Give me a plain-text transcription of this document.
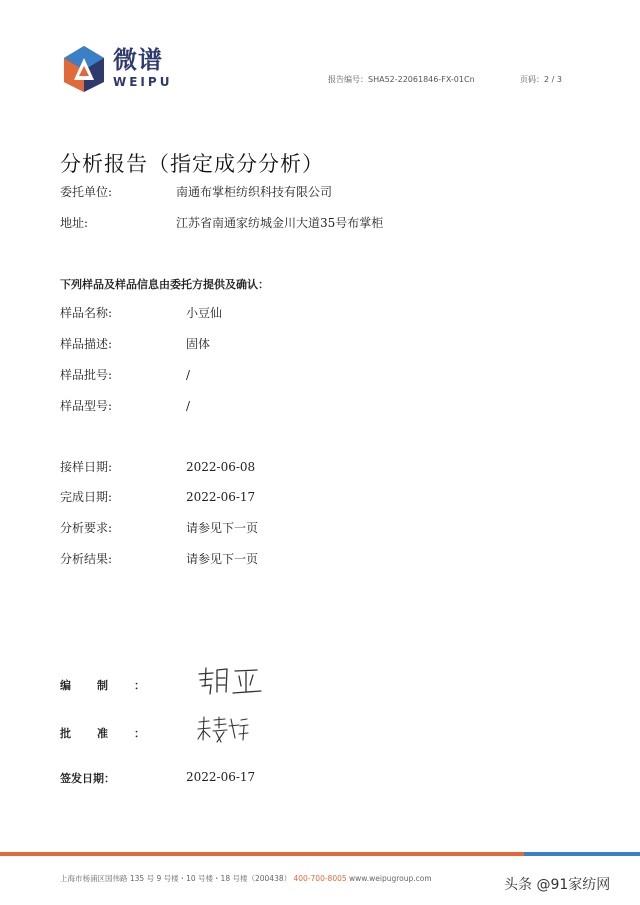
微谱
WEIPU	报告编号：SHA52-22061846-FX-01Cn	页码：2 / 3
分析报告（指定成分分析）
委托单位:	南通布掌柜纺织科技有限公司
地址:	江苏省南通家纺城金川大道35号布掌柜
下列样品及样品信息由委托方提供及确认：
样品名称:	小豆仙
样品描述:	固体
样品批号:	/
样品型号:	/
接样日期:	2022-06-08
完成日期:	2022-06-17
分析要求:	请参见下一页
分析结果:	请参见下一页
编制：
批准：
签发日期：	2022-06-17
上海市杨浦区国伟路 135 号 9 号楼・10 号楼・18 号楼（200438） 400-700-8005 www.weipugroup.com	头条 @91家纺网
